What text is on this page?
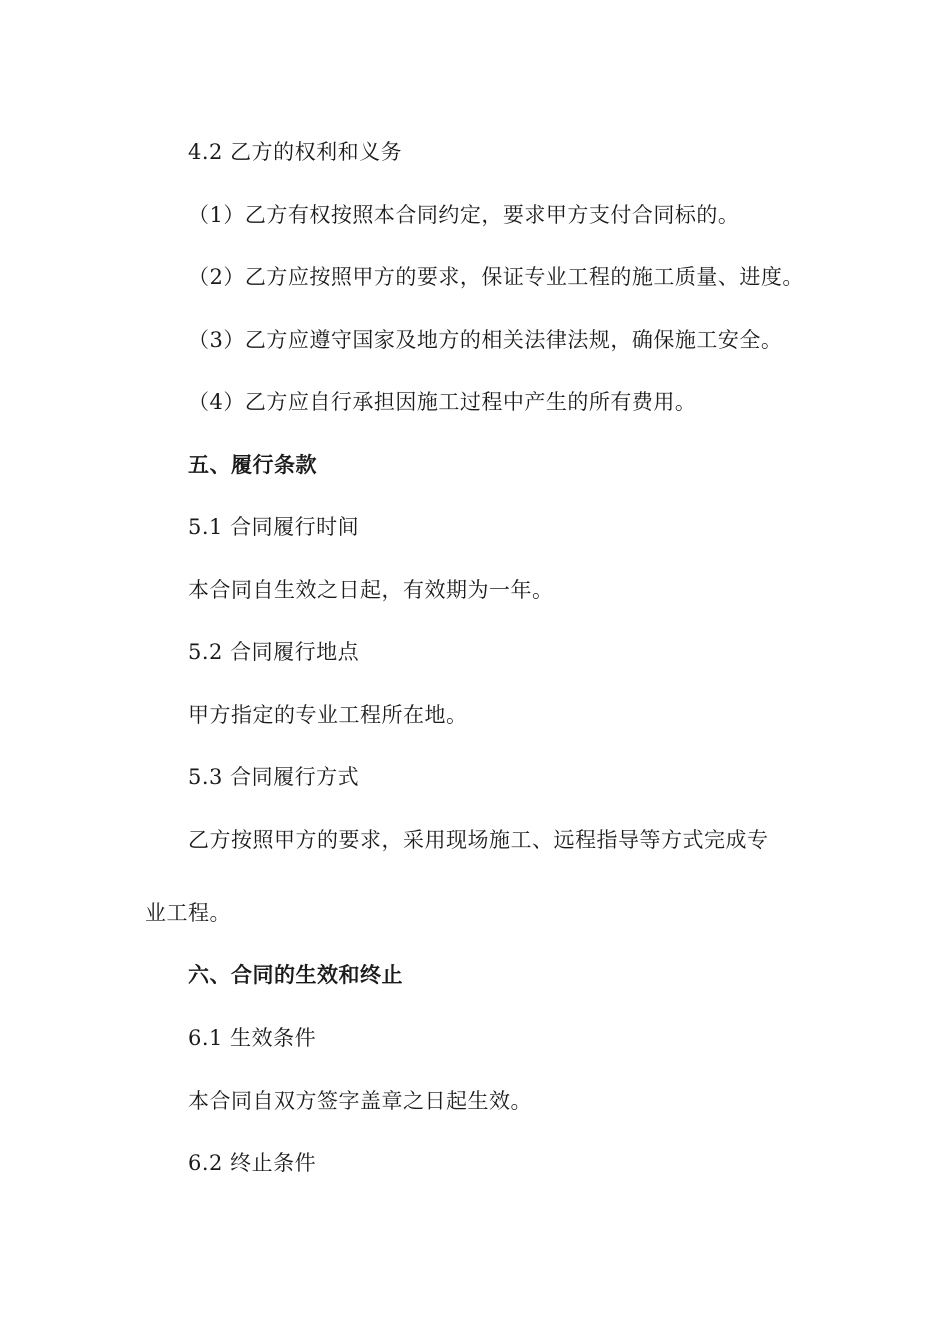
4.2 乙方的权利和义务
（1）乙方有权按照本合同约定，要求甲方支付合同标的。
（2）乙方应按照甲方的要求，保证专业工程的施工质量、进度。
（3）乙方应遵守国家及地方的相关法律法规，确保施工安全。
（4）乙方应自行承担因施工过程中产生的所有费用。
五、履行条款
5.1 合同履行时间
本合同自生效之日起，有效期为一年。
5.2 合同履行地点
甲方指定的专业工程所在地。
5.3 合同履行方式
乙方按照甲方的要求，采用现场施工、远程指导等方式完成专
业工程。
六、合同的生效和终止
6.1 生效条件
本合同自双方签字盖章之日起生效。
6.2 终止条件
